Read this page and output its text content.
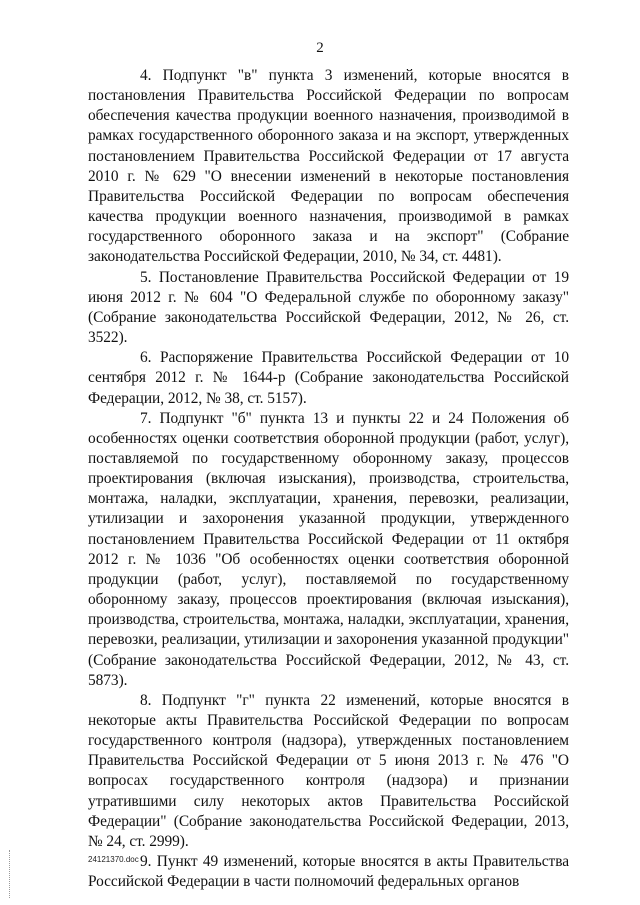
2

4. Подпункт "в" пункта 3 изменений, которые вносятся в постановления Правительства Российской Федерации по вопросам обеспечения качества продукции военного назначения, производимой в рамках государственного оборонного заказа и на экспорт, утвержденных постановлением Правительства Российской Федерации от 17 августа 2010 г. № 629 "О внесении изменений в некоторые постановления Правительства Российской Федерации по вопросам обеспечения качества продукции военного назначения, производимой в рамках государственного оборонного заказа и на экспорт" (Собрание законодательства Российской Федерации, 2010, № 34, ст. 4481).

5. Постановление Правительства Российской Федерации от 19 июня 2012 г. № 604 "О Федеральной службе по оборонному заказу" (Собрание законодательства Российской Федерации, 2012, № 26, ст. 3522).

6. Распоряжение Правительства Российской Федерации от 10 сентября 2012 г. № 1644-р (Собрание законодательства Российской Федерации, 2012, № 38, ст. 5157).

7. Подпункт "б" пункта 13 и пункты 22 и 24 Положения об особенностях оценки соответствия оборонной продукции (работ, услуг), поставляемой по государственному оборонному заказу, процессов проектирования (включая изыскания), производства, строительства, монтажа, наладки, эксплуатации, хранения, перевозки, реализации, утилизации и захоронения указанной продукции, утвержденного постановлением Правительства Российской Федерации от 11 октября 2012 г. № 1036 "Об особенностях оценки соответствия оборонной продукции (работ, услуг), поставляемой по государственному оборонному заказу, процессов проектирования (включая изыскания), производства, строительства, монтажа, наладки, эксплуатации, хранения, перевозки, реализации, утилизации и захоронения указанной продукции" (Собрание законодательства Российской Федерации, 2012, № 43, ст. 5873).

8. Подпункт "г" пункта 22 изменений, которые вносятся в некоторые акты Правительства Российской Федерации по вопросам государственного контроля (надзора), утвержденных постановлением Правительства Российской Федерации от 5 июня 2013 г. № 476 "О вопросах государственного контроля (надзора) и признании утратившими силу некоторых актов Правительства Российской Федерации" (Собрание законодательства Российской Федерации, 2013, № 24, ст. 2999).

9. Пункт 49 изменений, которые вносятся в акты Правительства Российской Федерации в части полномочий федеральных органов

24121370.doc
